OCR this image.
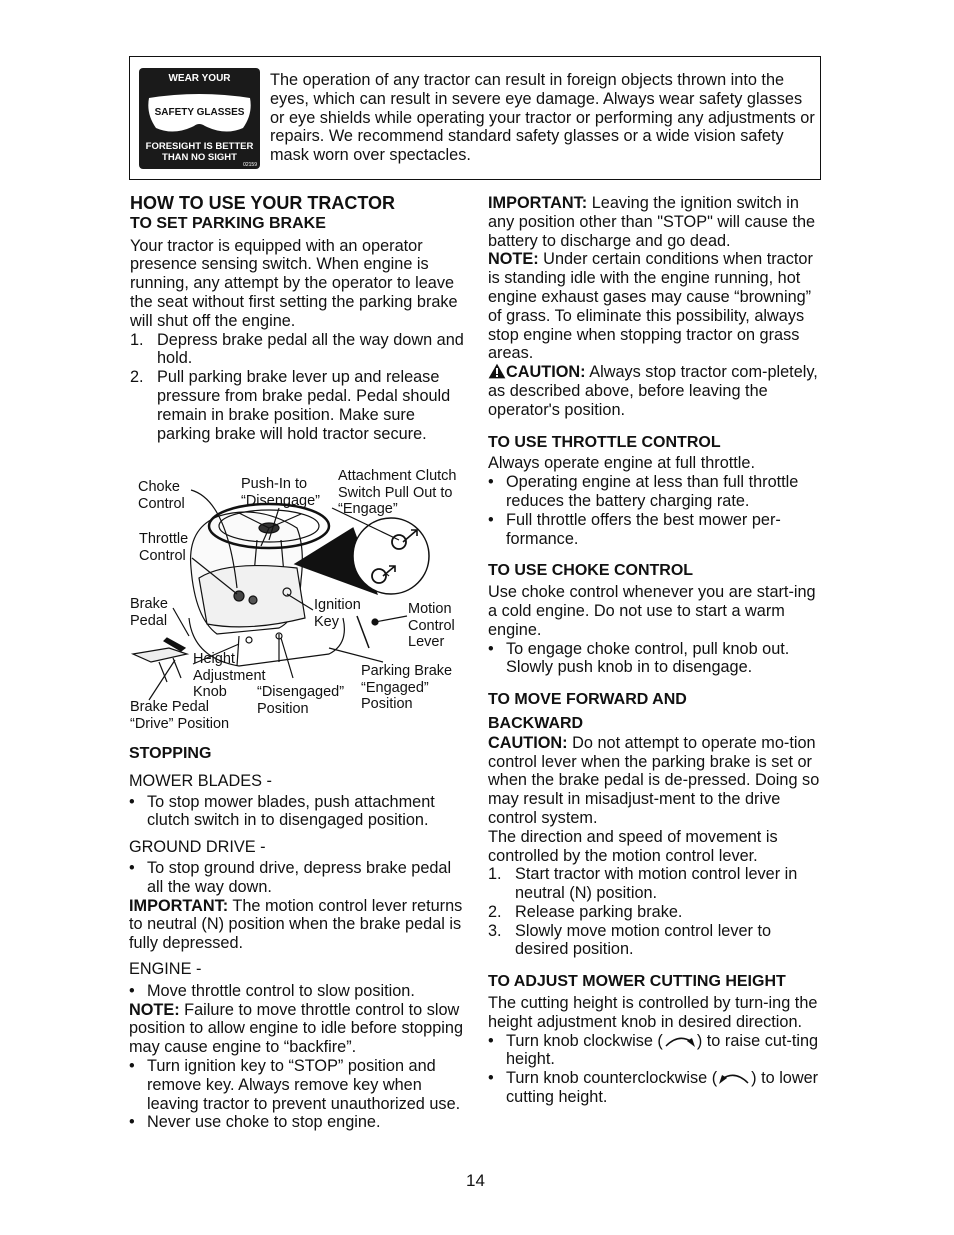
WEAR YOUR
SAFETY GLASSES
FORESIGHT IS BETTER
THAN NO SIGHT
02159
The operation of any tractor can result in foreign objects thrown into the eyes, which can result in severe eye damage. Always wear safety glasses or eye shields while operating your tractor or performing any adjustments or repairs. We recommend standard safety glasses or a wide vision safety mask worn over spectacles.
HOW TO USE YOUR TRACTOR
TO SET PARKING BRAKE
Your tractor is equipped with an operator presence sensing switch. When engine is running, any attempt by the operator to leave the seat without first setting the parking brake will shut off the engine.
1. Depress brake pedal all the way down and hold.
2. Pull parking brake lever up and release pressure from brake pedal. Pedal should remain in brake position. Make sure parking brake will hold tractor secure.
Choke
Control
Push-In to
“Disengage”
Attachment Clutch
Switch Pull Out to
“Engage”
Throttle
Control
Brake
Pedal
Ignition
Key
Motion
Control
Lever
Height
Adjustment
Knob
Parking Brake
“Engaged”
Position
“Disengaged”
Position
Brake Pedal
“Drive” Position
STOPPING
MOWER BLADES -
• To stop mower blades, push attachment clutch switch in to disengaged position.
GROUND DRIVE -
• To stop ground drive, depress brake pedal all the way down.
IMPORTANT: The motion control lever returns to neutral (N) position when the brake pedal is fully depressed.
ENGINE -
• Move throttle control to slow position.
NOTE: Failure to move throttle control to slow position to allow engine to idle before stopping may cause engine to “backfire”.
• Turn ignition key to “STOP” position and remove key. Always remove key when leaving tractor to prevent unauthorized use.
• Never use choke to stop engine.
IMPORTANT: Leaving the ignition switch in any position other than "STOP" will cause the battery to discharge and go dead.
NOTE: Under certain conditions when tractor is standing idle with the engine running, hot engine exhaust gases may cause “browning” of grass. To eliminate this possibility, always stop engine when stopping tractor on grass areas.
CAUTION: Always stop tractor com-pletely, as described above, before leaving the operator's position.
TO USE THROTTLE CONTROL
Always operate engine at full throttle.
• Operating engine at less than full throttle reduces the battery charging rate.
• Full throttle offers the best mower per-formance.
TO USE CHOKE CONTROL
Use choke control whenever you are start-ing a cold engine. Do not use to start a warm engine.
• To engage choke control, pull knob out. Slowly push knob in to disengage.
TO MOVE FORWARD AND
BACKWARD
CAUTION: Do not attempt to operate mo-tion control lever when the parking brake is set or when the brake pedal is de-pressed. Doing so may result in misadjust-ment to the drive control system.
The direction and speed of movement is controlled by the motion control lever.
1. Start tractor with motion control lever in neutral (N) position.
2. Release parking brake.
3. Slowly move motion control lever to desired position.
TO ADJUST MOWER CUTTING HEIGHT
The cutting height is controlled by turn-ing the height adjustment knob in desired direction.
• Turn knob clockwise ( ) to raise cut-ting height.
• Turn knob counterclockwise ( ) to lower cutting height.
14
